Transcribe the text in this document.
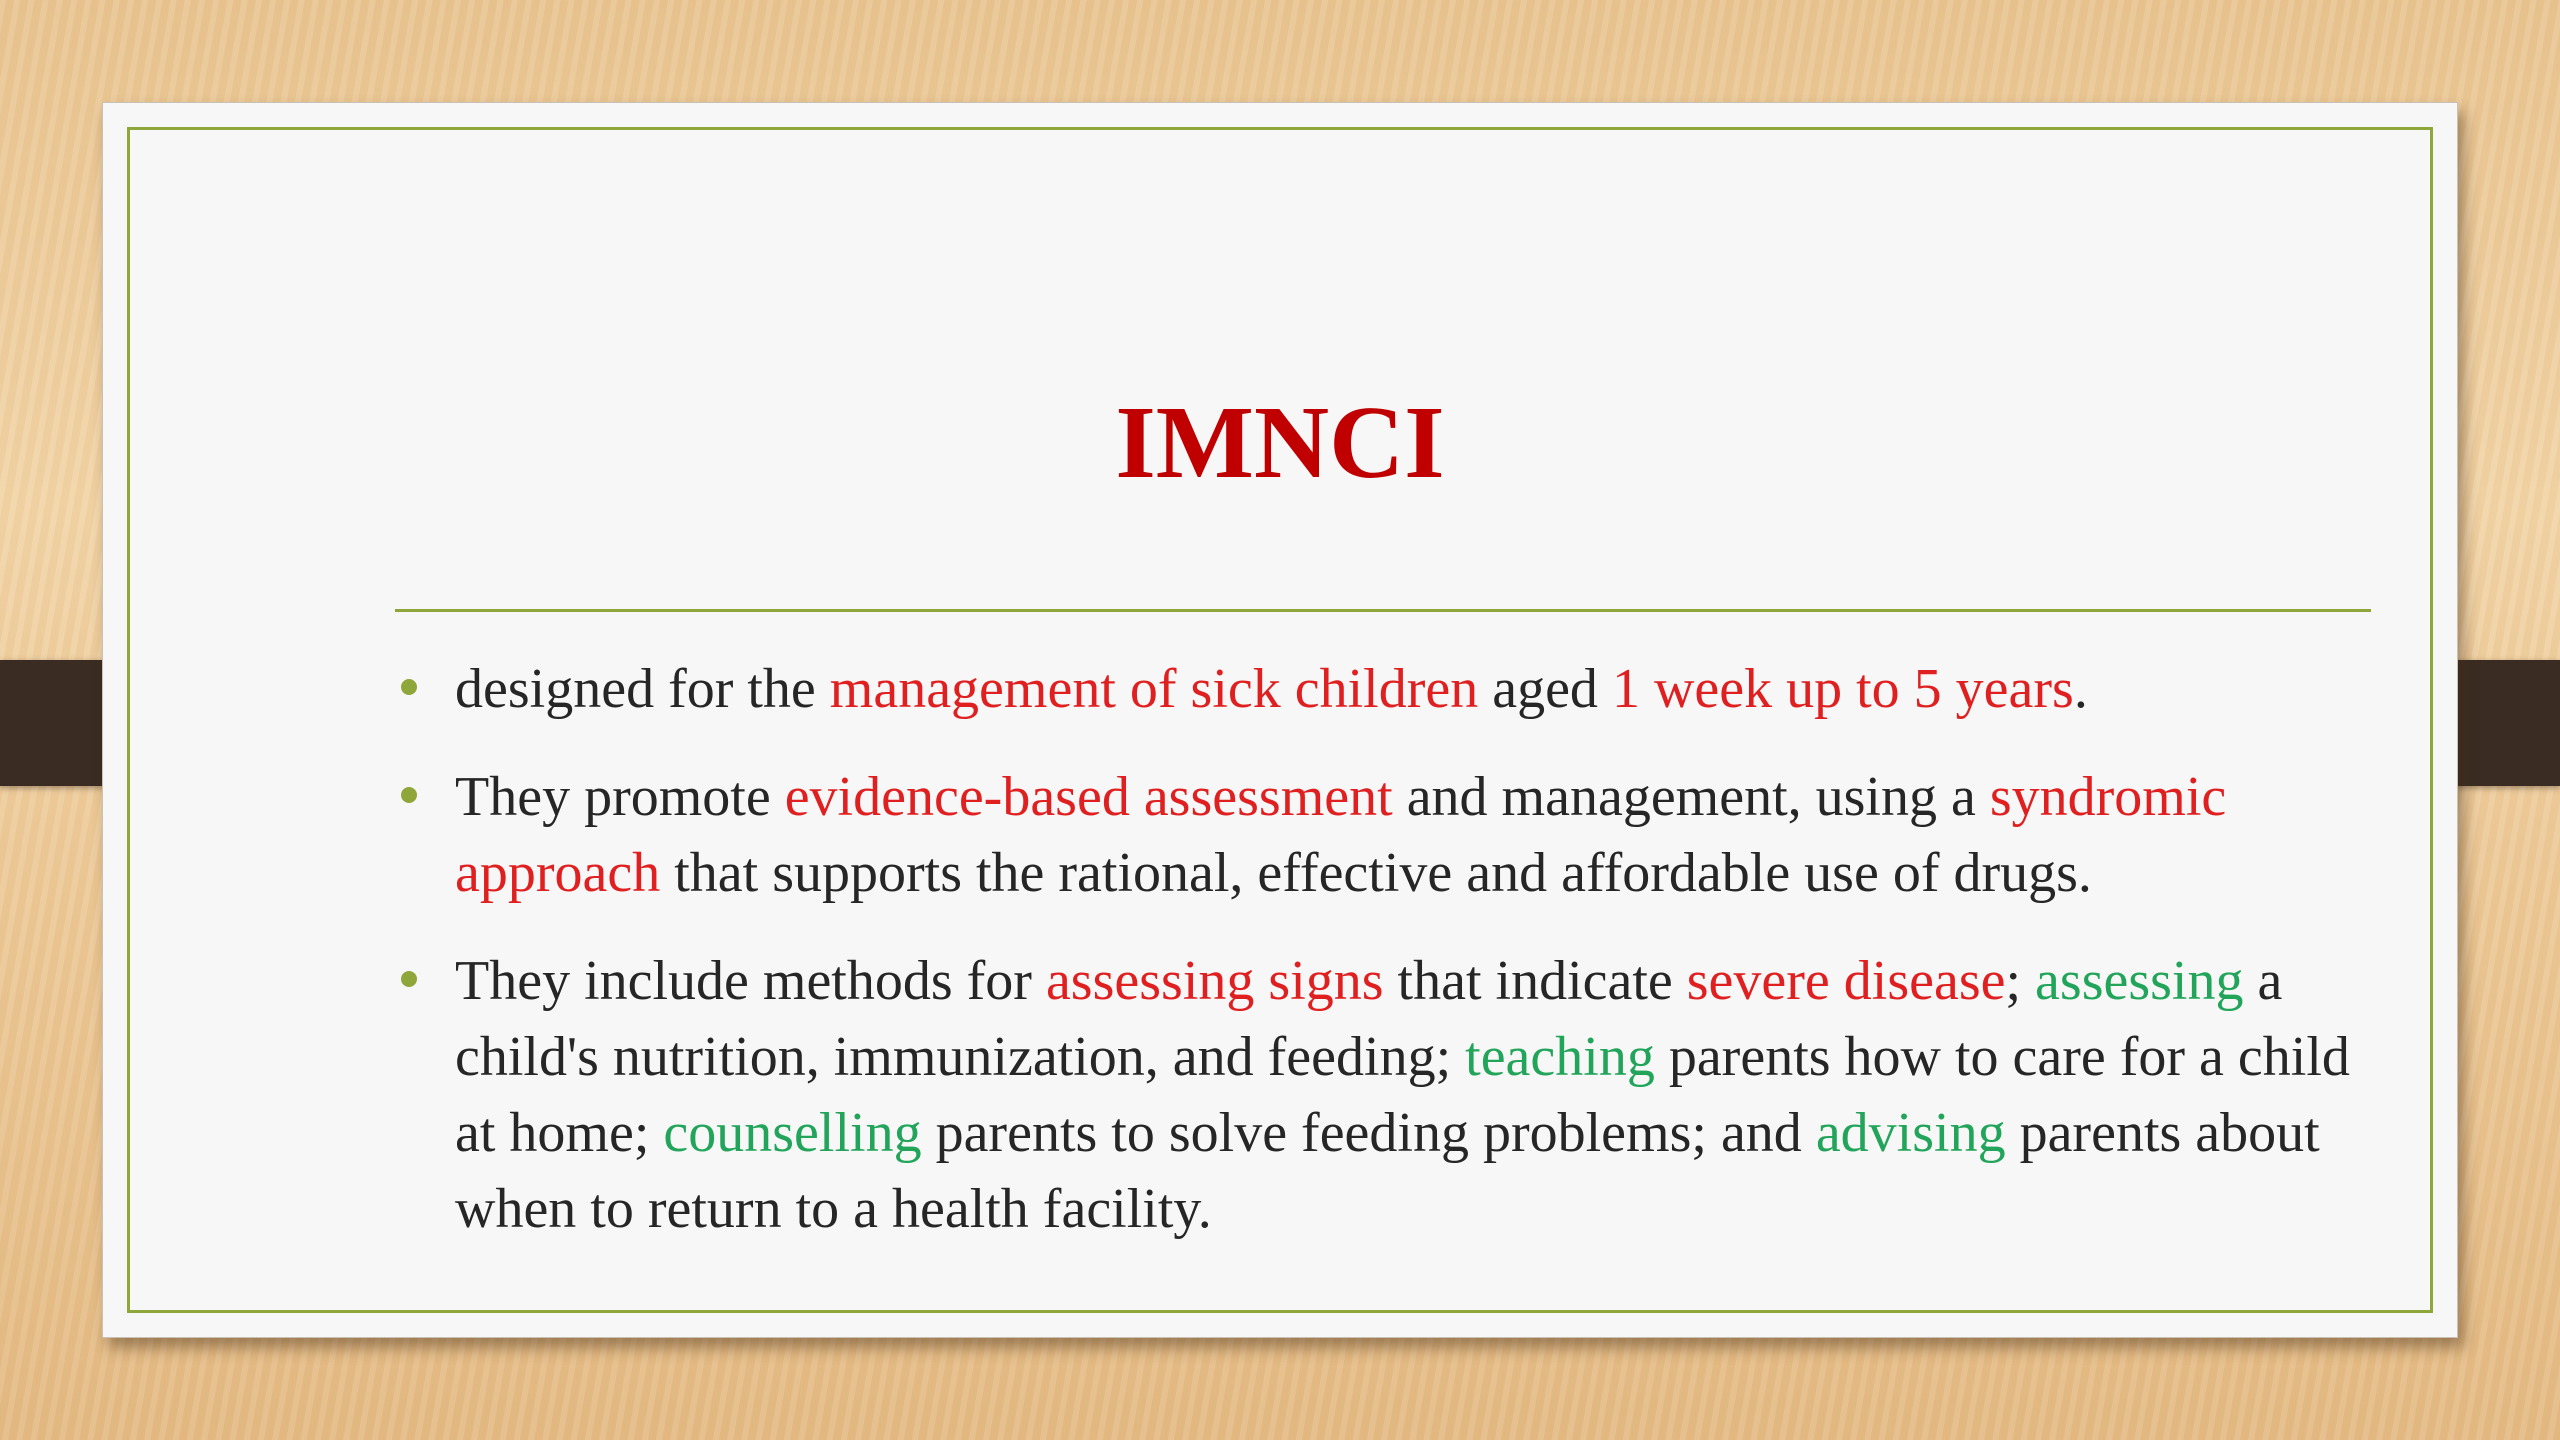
IMNCI
designed for the management of sick children aged 1 week up to 5 years.
They promote evidence-based assessment and management, using a syndromic approach that supports the rational, effective and affordable use of drugs.
They include methods for assessing signs that indicate severe disease; assessing a child's nutrition, immunization, and feeding; teaching parents how to care for a child at home; counselling parents to solve feeding problems; and advising parents about when to return to a health facility.
